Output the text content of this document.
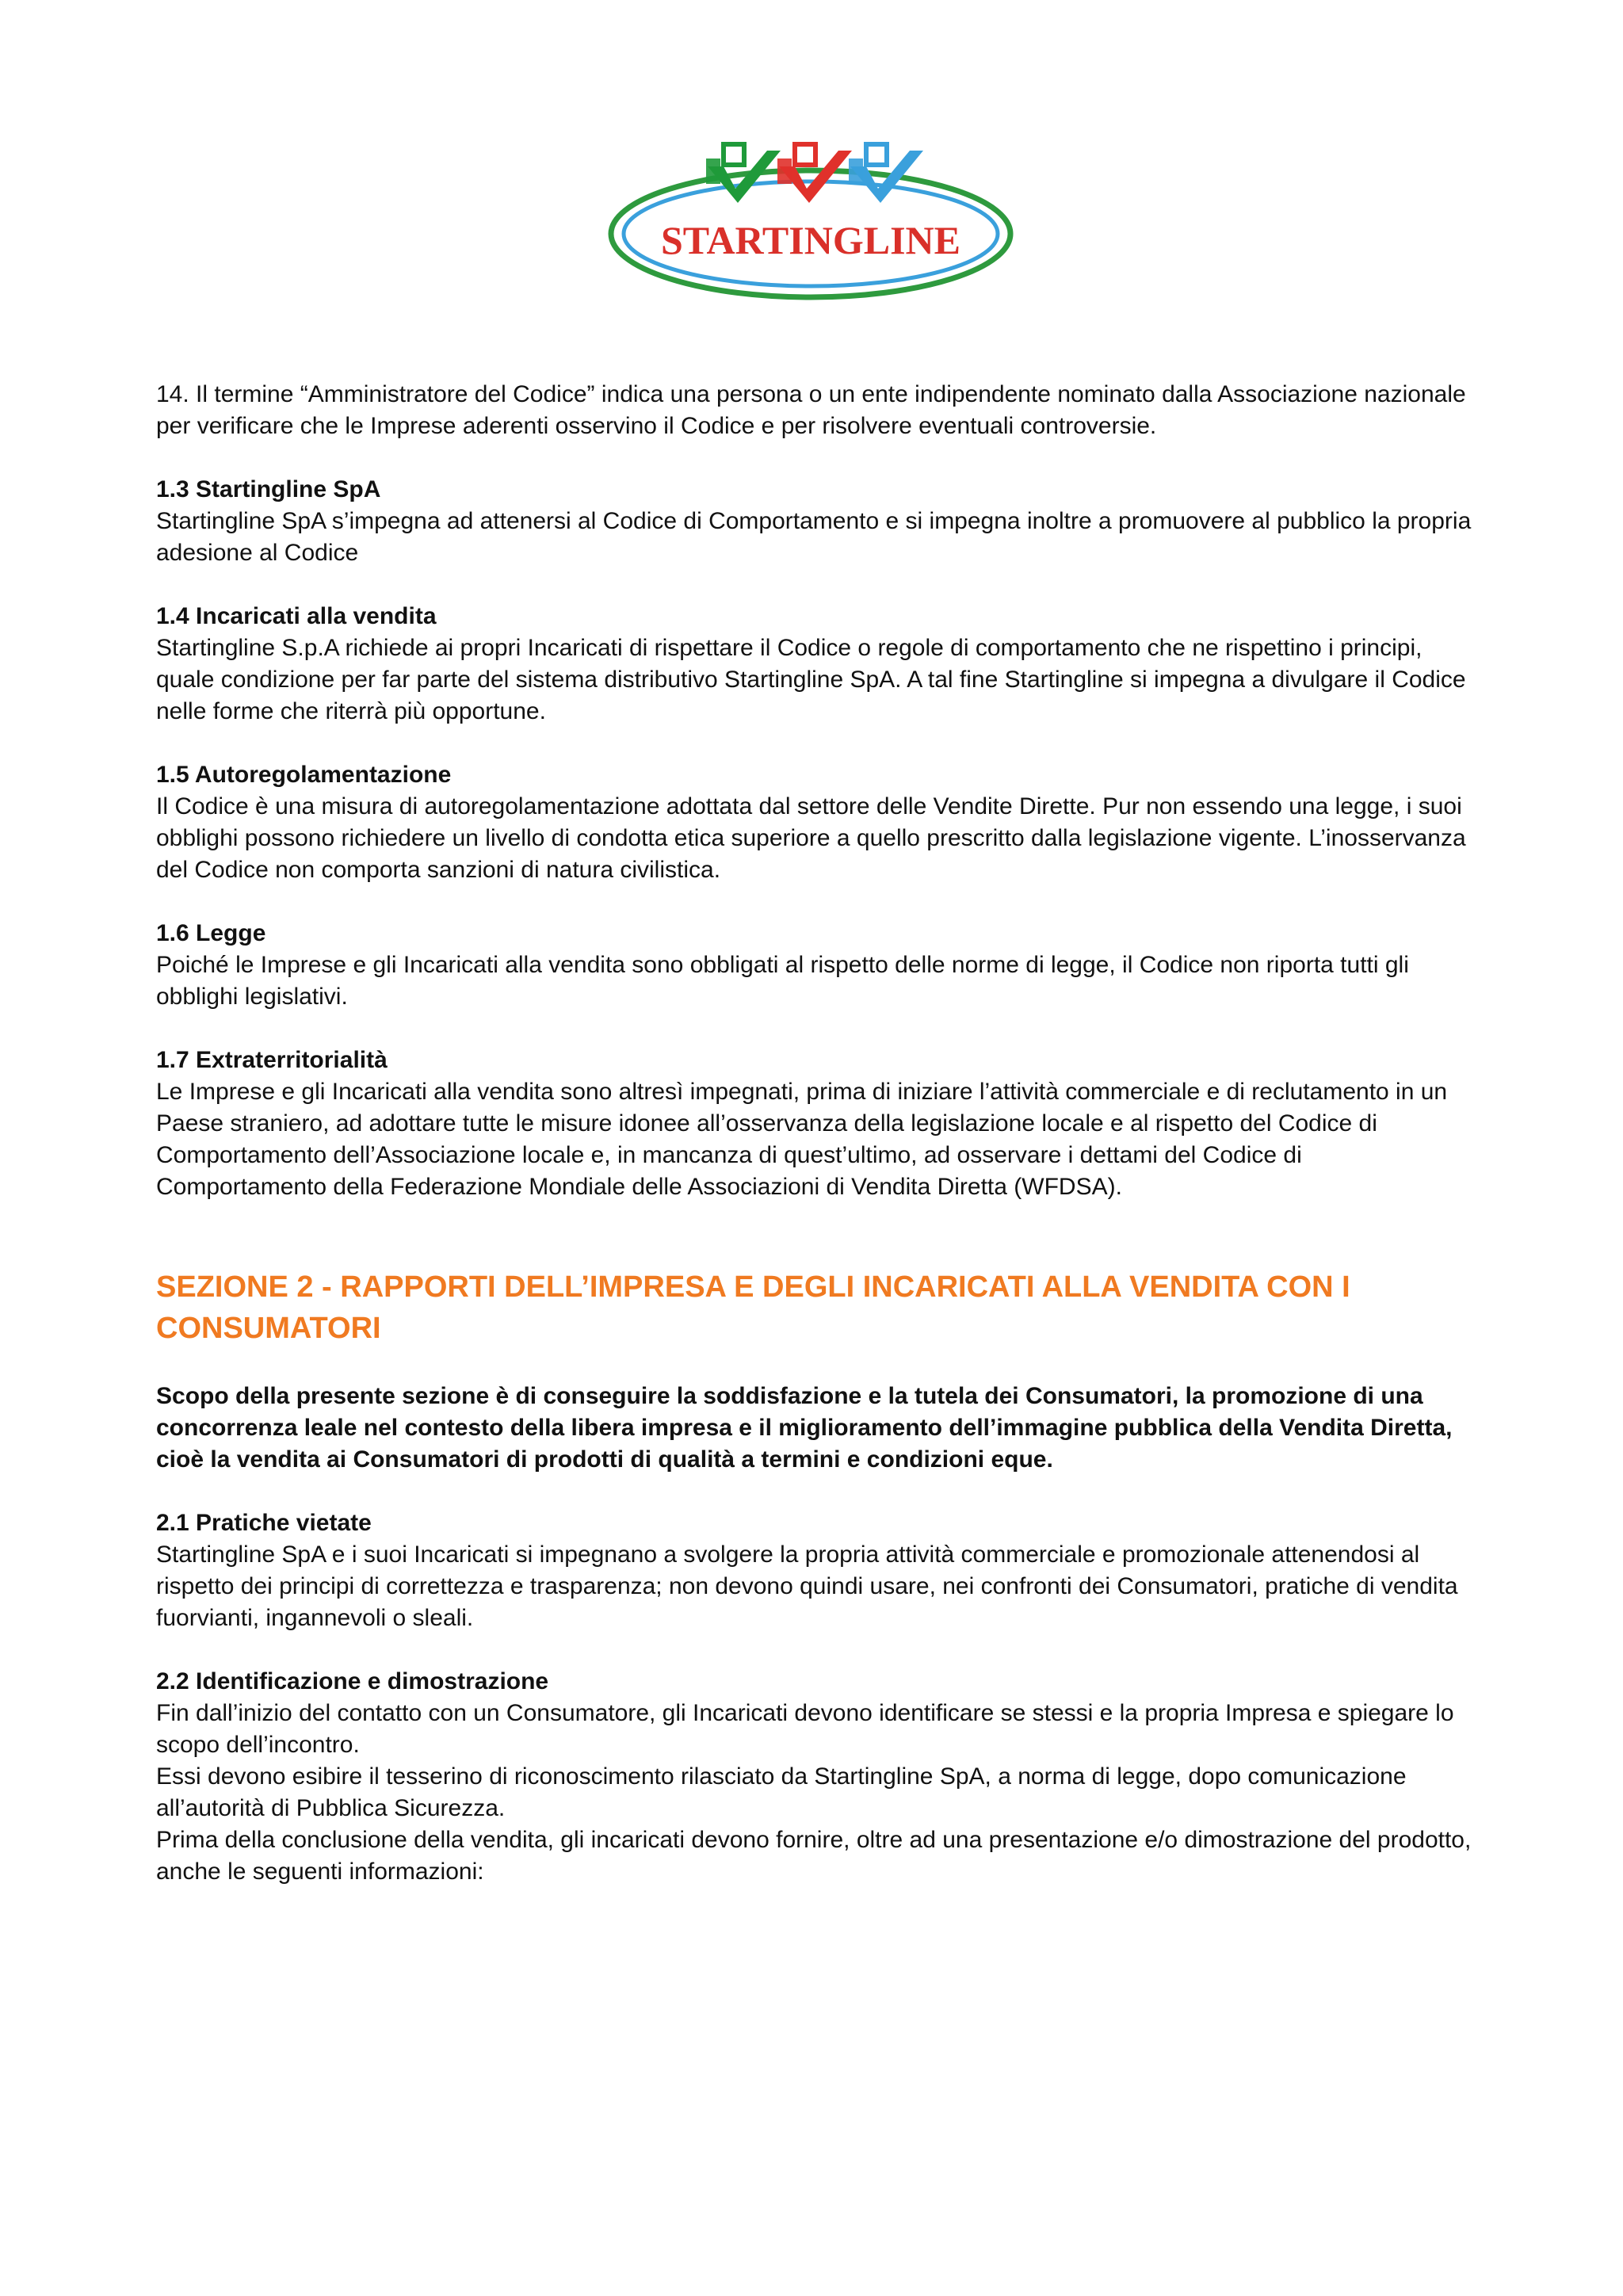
STARTINGLINE

14. Il termine “Amministratore del Codice” indica una persona o un ente indipendente nominato dalla Associazione nazionale per verificare che le Imprese aderenti osservino il Codice e per risolvere eventuali controversie.

1.3 Startingline SpA

Startingline SpA s’impegna ad attenersi al Codice di Comportamento e si impegna inoltre a promuovere al pubblico la propria adesione al Codice

1.4 Incaricati alla vendita

Startingline S.p.A richiede ai propri Incaricati di rispettare il Codice o regole di comportamento che ne rispettino i principi, quale condizione per far parte del sistema distributivo Startingline SpA. A tal fine Startingline si impegna a divulgare il Codice nelle forme che riterrà più opportune.

1.5 Autoregolamentazione

Il Codice è una misura di autoregolamentazione adottata dal settore delle Vendite Dirette. Pur non essendo una legge, i suoi obblighi possono richiedere un livello di condotta etica superiore a quello prescritto dalla legislazione vigente. L’inosservanza del Codice non comporta sanzioni di natura civilistica.

1.6 Legge

Poiché le Imprese e gli Incaricati alla vendita sono obbligati al rispetto delle norme di legge, il Codice non riporta tutti gli obblighi legislativi.

1.7 Extraterritorialità

Le Imprese e gli Incaricati alla vendita sono altresì impegnati, prima di iniziare l’attività commerciale e di reclutamento in un Paese straniero, ad adottare tutte le misure idonee all’osservanza della legislazione locale e al rispetto del Codice di Comportamento dell’Associazione locale e, in mancanza di quest’ultimo, ad osservare i dettami del Codice di Comportamento della Federazione Mondiale delle Associazioni di Vendita Diretta (WFDSA).

SEZIONE 2 - RAPPORTI DELL’IMPRESA E DEGLI INCARICATI ALLA VENDITA CON I CONSUMATORI

Scopo della presente sezione è di conseguire la soddisfazione e la tutela dei Consumatori, la promozione di una concorrenza leale nel contesto della libera impresa e il miglioramento dell’immagine pubblica della Vendita Diretta, cioè la vendita ai Consumatori di prodotti di qualità a termini e condizioni eque.

2.1 Pratiche vietate

Startingline SpA e i suoi Incaricati si impegnano a svolgere la propria attività commerciale e promozionale attenendosi al rispetto dei principi di correttezza e trasparenza; non devono quindi usare, nei confronti dei Consumatori, pratiche di vendita fuorvianti, ingannevoli o sleali.

2.2 Identificazione e dimostrazione

Fin dall’inizio del contatto con un Consumatore, gli Incaricati devono identificare se stessi e la propria Impresa e spiegare lo scopo dell’incontro.

Essi devono esibire il tesserino di riconoscimento rilasciato da Startingline SpA, a norma di legge, dopo comunicazione all’autorità di Pubblica Sicurezza.

Prima della conclusione della vendita, gli incaricati devono fornire, oltre ad una presentazione e/o dimostrazione del prodotto, anche le seguenti informazioni:
